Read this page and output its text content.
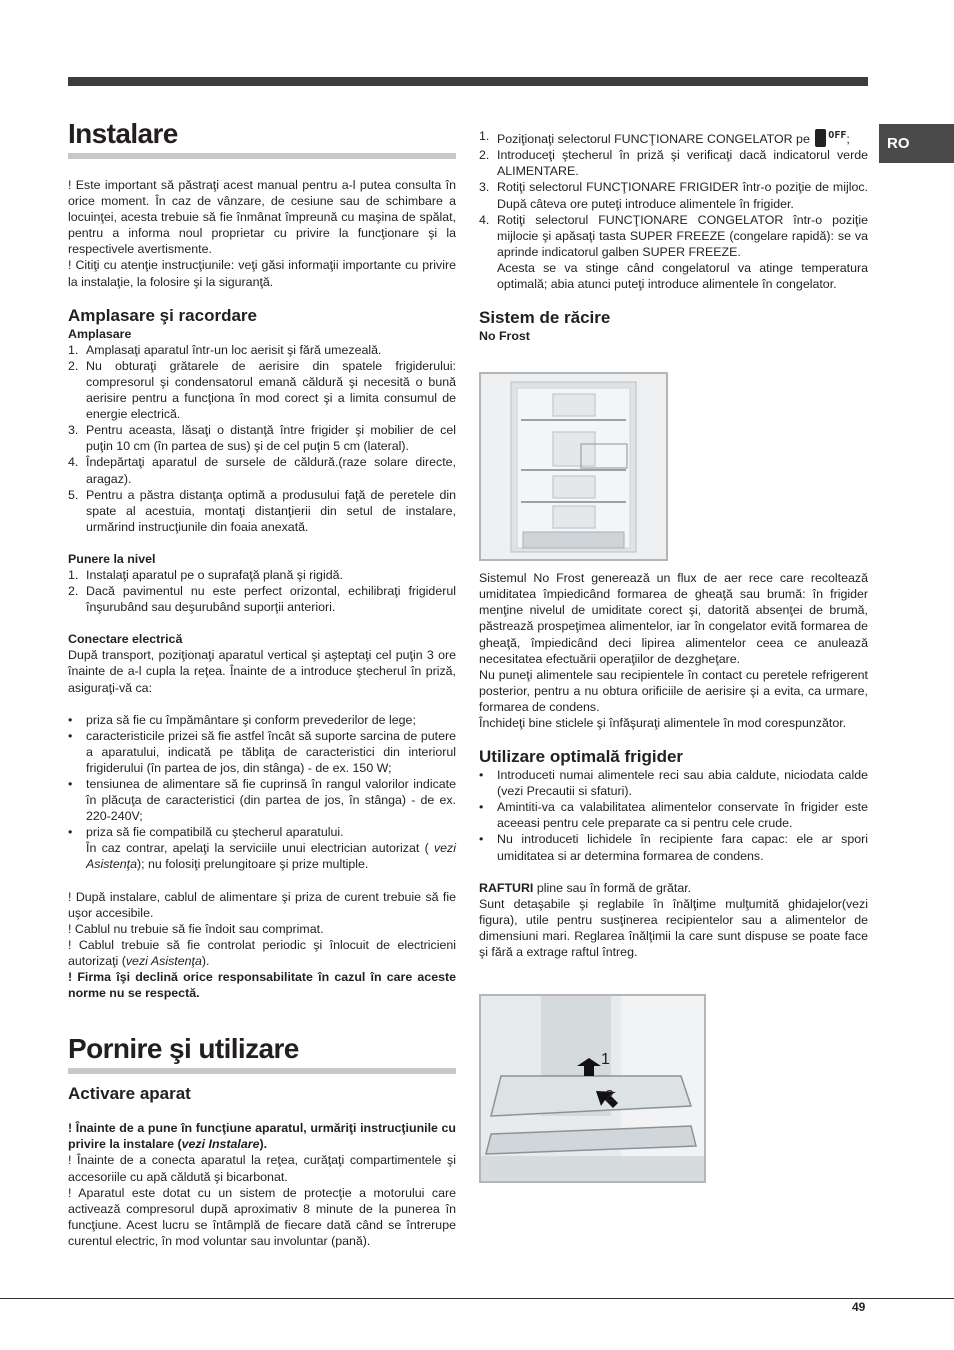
RO
Instalare

! Este important să păstraţi acest manual pentru a-l putea consulta în orice moment. În caz de vânzare, de cesiune sau de schimbare a locuinţei, acesta trebuie să fie înmânat împreună cu maşina de spălat, pentru a informa noul proprietar cu privire la funcţionare şi la respectivele avertismente.

! Citiţi cu atenţie instrucţiunile: veţi găsi informaţii importante cu privire la instalaţie, la folosire şi la siguranţă.

Amplasare şi racordare
Amplasare
1. Amplasaţi aparatul într-un loc aerisit şi fără umezeală.
2. Nu obturaţi grătarele de aerisire din spatele frigiderului: compresorul şi condensatorul emană căldură şi necesită o bună aerisire pentru a funcţiona în mod corect şi a limita consumul de energie electrică.
3. Pentru aceasta, lăsaţi o distanţă între frigider şi mobilier de cel puţin 10 cm (în partea de sus) şi de cel puţin 5 cm (lateral).
4. Îndepărtaţi aparatul de sursele de căldură.(raze solare directe, aragaz).
5. Pentru a păstra distanţa optimă a produsului faţă de peretele din spate al acestuia, montaţi distanţierii din setul de instalare, urmărind instrucţiunile din foaia anexată.
Punere la nivel
1. Instalaţi aparatul pe o suprafaţă plană şi rigidă.
2. Dacă pavimentul nu este perfect orizontal, echilibraţi frigiderul înşurubând sau deşurubând suporţii anteriori.
Conectare electrică

După transport, poziţionaţi aparatul vertical şi aşteptaţi cel puţin 3 ore înainte de a-l cupla la reţea. Înainte de a introduce ştecherul în priză, asiguraţi-vă ca:

• priza să fie cu împământare şi conform prevederilor de lege;
• caracteristicile prizei să fie astfel încât să suporte sarcina de putere a aparatului, indicată pe tăbliţa de caracteristici din interiorul frigiderului (în partea de jos, din stânga) - de ex. 150 W;
• tensiunea de alimentare să fie cuprinsă în rangul valorilor indicate în plăcuţa de caracteristici (din partea de jos, în stânga) - de ex. 220-240V;
• priza să fie compatibilă cu ştecherul aparatului.
În caz contrar, apelaţi la serviciile unui electrician autorizat ( vezi Asistenţa); nu folosiţi prelungitoare şi prize multiple.

! După instalare, cablul de alimentare şi priza de curent trebuie să fie uşor accesibile.

! Cablul nu trebuie să fie îndoit sau comprimat.

! Cablul trebuie să fie controlat periodic şi înlocuit de electricieni autorizaţi (vezi Asistenţa).

! Firma îşi declină orice responsabilitate în cazul în care aceste norme nu se respectă.

Pornire şi utilizare
Activare aparat

! Înainte de a pune în funcţiune aparatul, urmăriţi instrucţiunile cu privire la instalare (vezi Instalare).

! Înainte de a conecta aparatul la reţea, curăţaţi compartimentele şi accesoriile cu apă căldută şi bicarbonat.

! Aparatul este dotat cu un sistem de protecţie a motorului care activează compresorul după aproximativ 8 minute de la punerea în funcţiune. Acest lucru se întâmplă de fiecare dată când se întrerupe curentul electric, în mod voluntar sau involuntar (pană).

1. Poziţionaţi selectorul FUNCŢIONARE CONGELATOR pe $^{OFF}$;
2. Introduceţi ştecherul în priză şi verificaţi dacă indicatorul verde ALIMENTARE.
3. Rotiţi selectorul FUNCŢIONARE FRIGIDER într-o poziţie de mijloc. După câteva ore puteţi introduce alimentele în frigider.
4. Rotiţi selectorul FUNCŢIONARE CONGELATOR într-o poziţie mijlocie şi apăsaţi tasta SUPER FREEZE (congelare rapidă): se va aprinde indicatorul galben SUPER FREEZE.
Acesta se va stinge când congelatorul va atinge temperatura optimală; abia atunci puteţi introduce alimentele în congelator.
Sistem de răcire
No Frost

Sistemul No Frost generează un flux de aer rece care recoltează umiditatea împiedicând formarea de gheaţă sau brumă: în frigider menţine nivelul de umiditate corect şi, datorită absenţei de brumă, păstrează prospeţimea alimentelor, iar în congelator evită formarea de gheaţă, împiedicând deci lipirea alimentelor ceea ce anulează necesitatea efectuării operaţiilor de dezgheţare.

Nu puneţi alimentele sau recipientele în contact cu peretele refrigerent posterior, pentru a nu obtura orificiile de aerisire şi a evita, ca urmare, formarea de condens.

Închideţi bine sticlele şi înfăşuraţi alimentele în mod corespunzător.

Utilizare optimală frigider
• Introduceti numai alimentele reci sau abia caldute, niciodata calde (vezi Precautii si sfaturi).
• Amintiti-va ca valabilitatea alimentelor conservate în frigider este aceeasi pentru cele preparate ca si pentru cele crude.
• Nu introduceti lichidele în recipiente fara capac: ele ar spori umiditatea si ar determina formarea de condens.

RAFTURI pline sau în formă de grătar.

Sunt detaşabile şi reglabile în înălţime mulţumită ghidajelor(vezi figura), utile pentru susţinerea recipientelor sau a alimentelor de dimensiuni mari. Reglarea înălţimii la care sunt dispuse se poate face şi fără a extrage raftul întreg.

1
2
49
